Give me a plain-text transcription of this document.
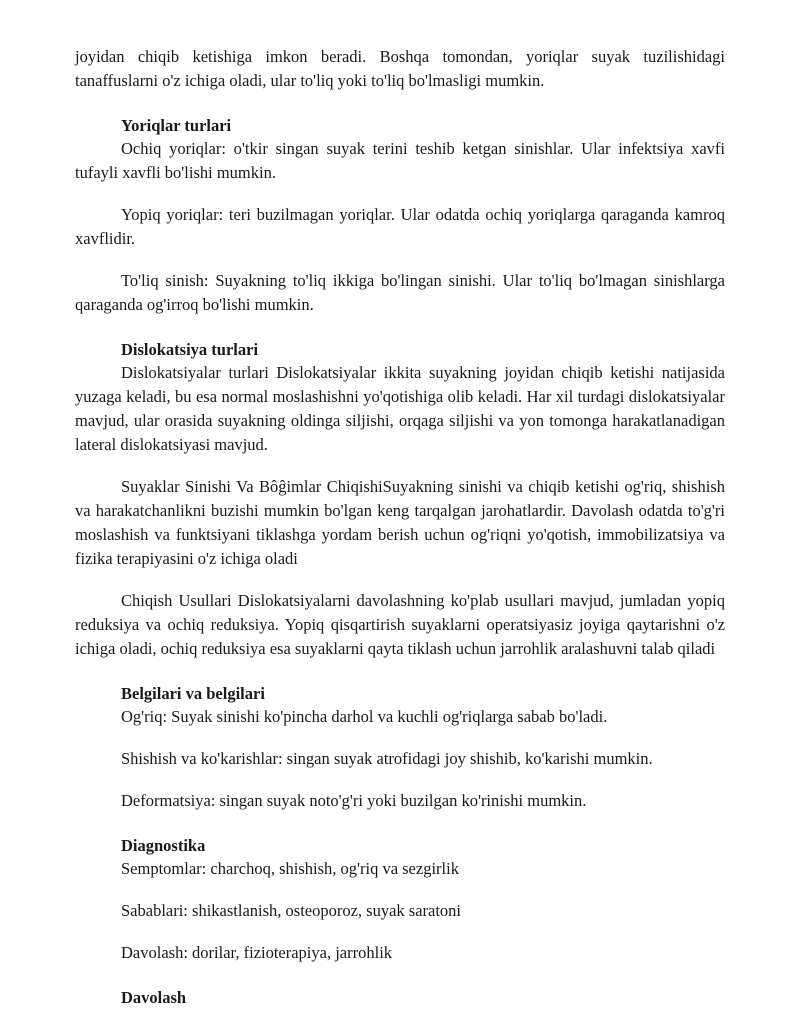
joyidan chiqib ketishiga imkon beradi. Boshqa tomondan, yoriqlar suyak tuzilishidagi tanaffuslarni o'z ichiga oladi, ular to'liq yoki to'liq bo'lmasligi mumkin.

Yoriqlar turlari

Ochiq yoriqlar: o'tkir singan suyak terini teshib ketgan sinishlar. Ular infektsiya xavfi tufayli xavfli bo'lishi mumkin.

Yopiq yoriqlar: teri buzilmagan yoriqlar. Ular odatda ochiq yoriqlarga qaraganda kamroq xavflidir.

To'liq sinish: Suyakning to'liq ikkiga bo'lingan sinishi. Ular to'liq bo'lmagan sinishlarga qaraganda og'irroq bo'lishi mumkin.

Dislokatsiya turlari

Dislokatsiyalar turlari Dislokatsiyalar ikkita suyakning joyidan chiqib ketishi natijasida yuzaga keladi, bu esa normal moslashishni yo'qotishiga olib keladi. Har xil turdagi dislokatsiyalar mavjud, ular orasida suyakning oldinga siljishi, orqaga siljishi va yon tomonga harakatlanadigan lateral dislokatsiyasi mavjud.

Suyaklar Sinishi Va Bôĝimlar ChiqishiSuyakning sinishi va chiqib ketishi og'riq, shishish va harakatchanlikni buzishi mumkin bo'lgan keng tarqalgan jarohatlardir. Davolash odatda to'g'ri moslashish va funktsiyani tiklashga yordam berish uchun og'riqni yo'qotish, immobilizatsiya va fizika terapiyasini o'z ichiga oladi

Chiqish Usullari Dislokatsiyalarni davolashning ko'plab usullari mavjud, jumladan yopiq reduksiya va ochiq reduksiya. Yopiq qisqartirish suyaklarni operatsiyasiz joyiga qaytarishni o'z ichiga oladi, ochiq reduksiya esa suyaklarni qayta tiklash uchun jarrohlik aralashuvni talab qiladi

Belgilari va belgilari
Og'riq: Suyak sinishi ko'pincha darhol va kuchli og'riqlarga sabab bo'ladi.
Shishish va ko'karishlar: singan suyak atrofidagi joy shishib, ko'karishi mumkin.
Deformatsiya: singan suyak noto'g'ri yoki buzilgan ko'rinishi mumkin.
Diagnostika
Semptomlar: charchoq, shishish, og'riq va sezgirlik
Sabablari: shikastlanish, osteoporoz, suyak saratoni
Davolash: dorilar, fizioterapiya, jarrohlik
Davolash
